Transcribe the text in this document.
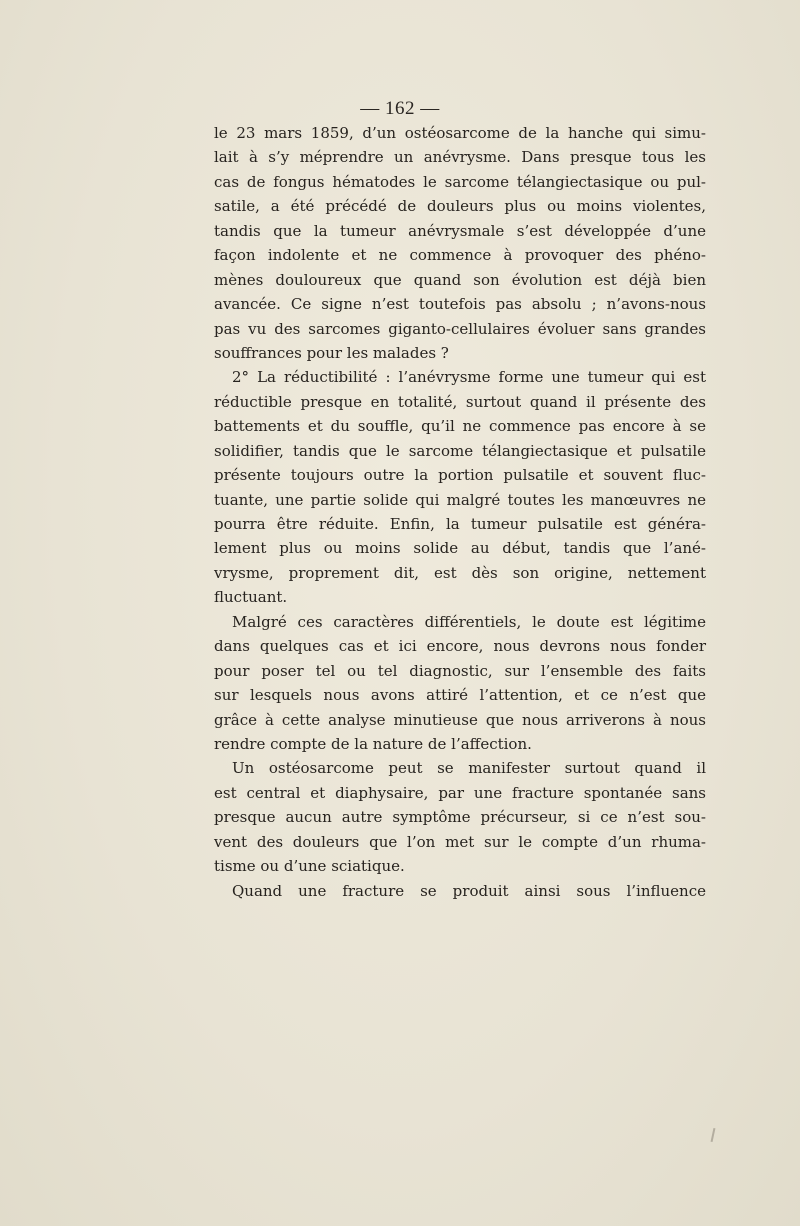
— 162 —
le 23 mars 1859, d’un ostéosarcome de la hanche qui simu-
lait à s’y méprendre un anévrysme. Dans presque tous les
cas de fongus hématodes le sarcome télangiectasique ou pul-
satile, a été précédé de douleurs plus ou moins violentes,
tandis que la tumeur anévrysmale s’est développée d’une
façon indolente et ne commence à provoquer des phéno-
mènes douloureux que quand son évolution est déjà bien
avancée. Ce signe n’est toutefois pas absolu ; n’avons-nous
pas vu des sarcomes giganto-cellulaires évoluer sans grandes
souffrances pour les malades ?
2° La réductibilité : l’anévrysme forme une tumeur qui est
réductible presque en totalité, surtout quand il présente des
battements et du souffle, qu’il ne commence pas encore à se
solidifier, tandis que le sarcome télangiectasique et pulsatile
présente toujours outre la portion pulsatile et souvent fluc-
tuante, une partie solide qui malgré toutes les manœuvres ne
pourra être réduite. Enfin, la tumeur pulsatile est généra-
lement plus ou moins solide au début, tandis que l’ané-
vrysme, proprement dit, est dès son origine, nettement
fluctuant.
Malgré ces caractères différentiels, le doute est légitime
dans quelques cas et ici encore, nous devrons nous fonder
pour poser tel ou tel diagnostic, sur l’ensemble des faits
sur lesquels nous avons attiré l’attention, et ce n’est que
grâce à cette analyse minutieuse que nous arriverons à nous
rendre compte de la nature de l’affection.
Un ostéosarcome peut se manifester surtout quand il
est central et diaphysaire, par une fracture spontanée sans
presque aucun autre symptôme précurseur, si ce n’est sou-
vent des douleurs que l’on met sur le compte d’un rhuma-
tisme ou d’une sciatique.
Quand une fracture se produit ainsi sous l’influence
